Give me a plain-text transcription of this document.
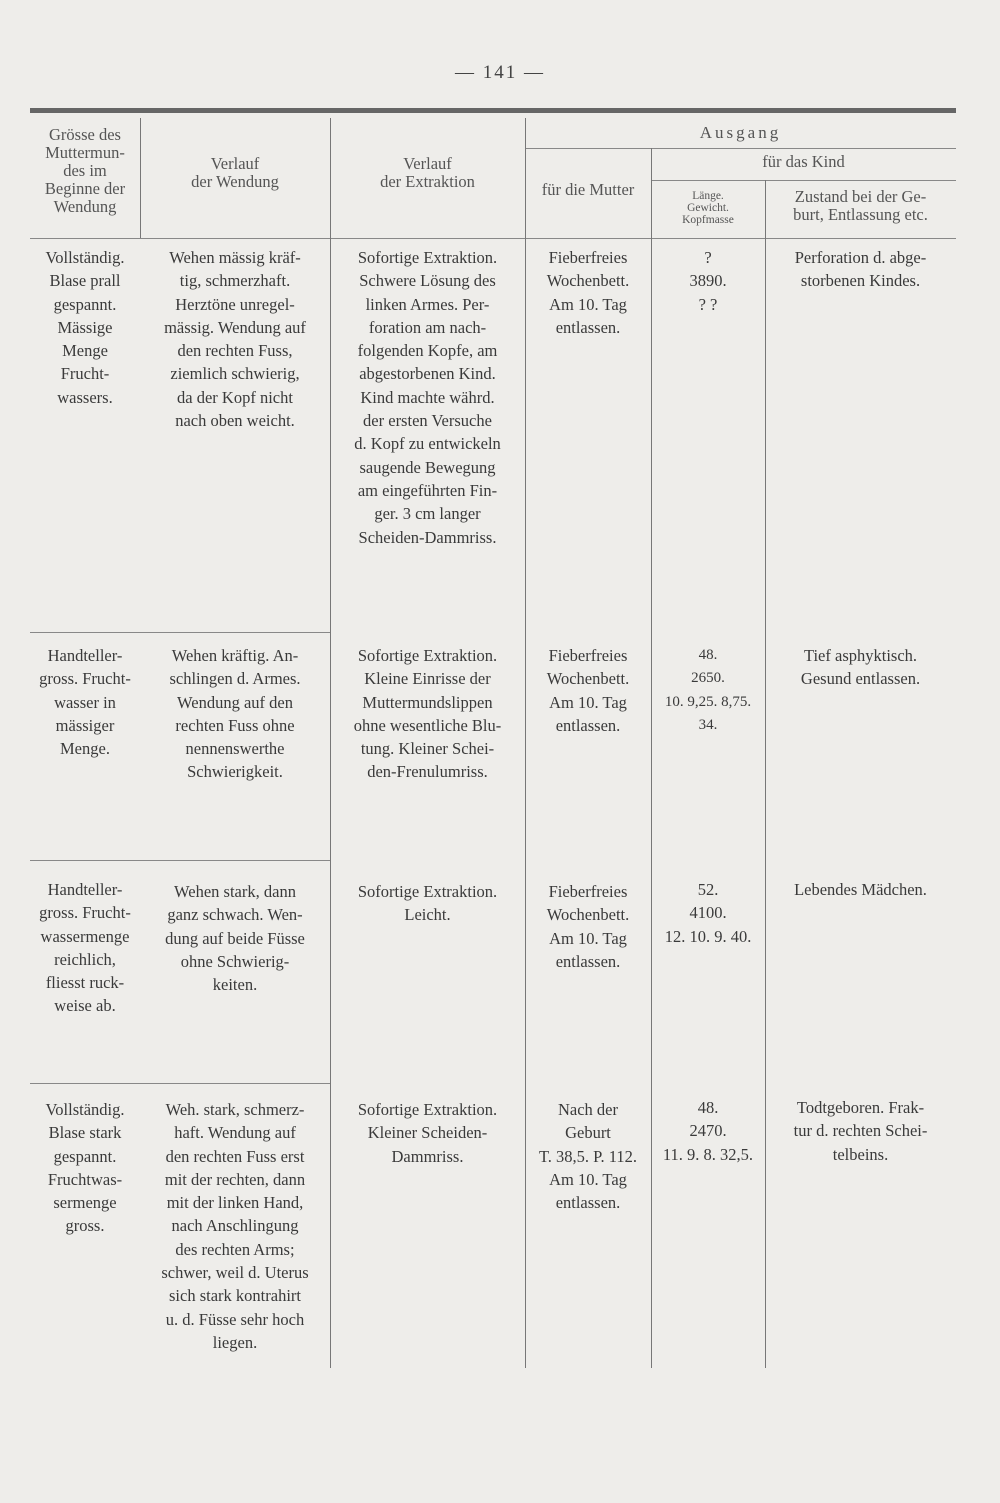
— 141 —
Grösse des
Muttermun-
des im
Beginne der
Wendung
Verlauf
der Wendung
Verlauf
der Extraktion
Ausgang
für die Mutter
für das Kind
Länge.
Gewicht.
Kopfmasse
Zustand bei der Ge-
burt, Entlassung etc.
Vollständig.
Blase prall
gespannt.
Mässige
Menge
Frucht-
wassers.
Wehen mässig kräf-
tig, schmerzhaft.
Herztöne unregel-
mässig. Wendung auf
den rechten Fuss,
ziemlich schwierig,
da der Kopf nicht
nach oben weicht.
Sofortige Extraktion.
Schwere Lösung des
linken Armes. Per-
foration am nach-
folgenden Kopfe, am
abgestorbenen Kind.
Kind machte währd.
der ersten Versuche
d. Kopf zu entwickeln
saugende Bewegung
am eingeführten Fin-
ger. 3 cm langer
Scheiden-Dammriss.
Fieberfreies
Wochenbett.
Am 10. Tag
entlassen.
?
3890.
? ?
Perforation d. abge-
storbenen Kindes.
Handteller-
gross. Frucht-
wasser in
mässiger
Menge.
Wehen kräftig. An-
schlingen d. Armes.
Wendung auf den
rechten Fuss ohne
nennenswerthe
Schwierigkeit.
Sofortige Extraktion.
Kleine Einrisse der
Muttermundslippen
ohne wesentliche Blu-
tung. Kleiner Schei-
den-Frenulumriss.
Fieberfreies
Wochenbett.
Am 10. Tag
entlassen.
48.
2650.
10. 9,25. 8,75.
34.
Tief asphyktisch.
Gesund entlassen.
Handteller-
gross. Frucht-
wassermenge
reichlich,
fliesst ruck-
weise ab.
Wehen stark, dann
ganz schwach. Wen-
dung auf beide Füsse
ohne Schwierig-
keiten.
Sofortige Extraktion.
Leicht.
Fieberfreies
Wochenbett.
Am 10. Tag
entlassen.
52.
4100.
12. 10. 9. 40.
Lebendes Mädchen.
Vollständig.
Blase stark
gespannt.
Fruchtwas-
sermenge
gross.
Weh. stark, schmerz-
haft. Wendung auf
den rechten Fuss erst
mit der rechten, dann
mit der linken Hand,
nach Anschlingung
des rechten Arms;
schwer, weil d. Uterus
sich stark kontrahirt
u. d. Füsse sehr hoch
liegen.
Sofortige Extraktion.
Kleiner Scheiden-
Dammriss.
Nach der
Geburt
T. 38,5. P. 112.
Am 10. Tag
entlassen.
48.
2470.
11. 9. 8. 32,5.
Todtgeboren. Frak-
tur d. rechten Schei-
telbeins.
